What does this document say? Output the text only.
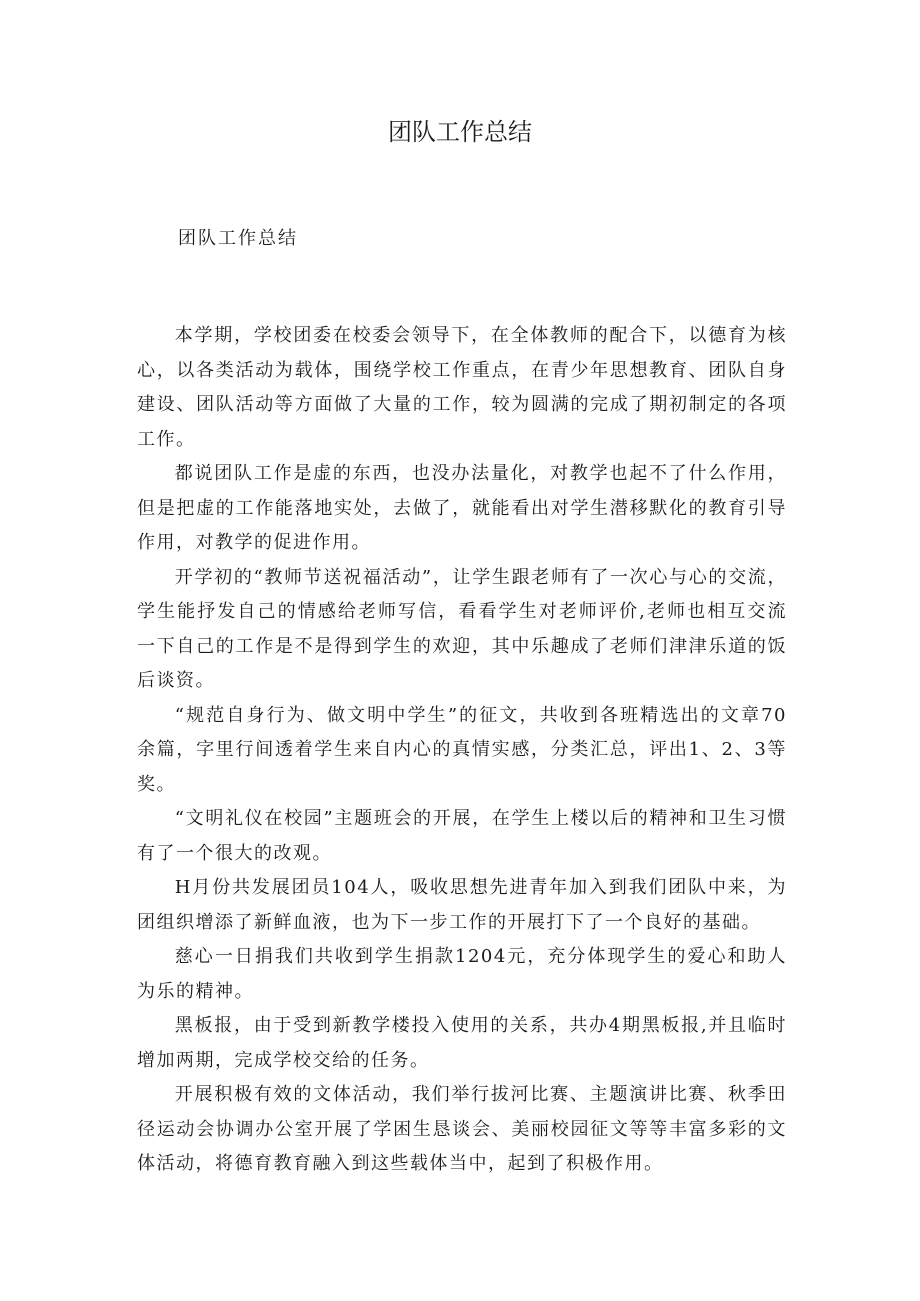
团队工作总结
团队工作总结

本学期，学校团委在校委会领导下，在全体教师的配合下，以德育为核心，以各类活动为载体，围绕学校工作重点，在青少年思想教育、团队自身建设、团队活动等方面做了大量的工作，较为圆满的完成了期初制定的各项工作。

都说团队工作是虚的东西，也没办法量化，对教学也起不了什么作用，但是把虚的工作能落地实处，去做了，就能看出对学生潜移默化的教育引导作用，对教学的促进作用。

开学初的“教师节送祝福活动”，让学生跟老师有了一次心与心的交流，学生能抒发自己的情感给老师写信，看看学生对老师评价,老师也相互交流一下自己的工作是不是得到学生的欢迎，其中乐趣成了老师们津津乐道的饭后谈资。

“规范自身行为、做文明中学生”的征文，共收到各班精选出的文章70余篇，字里行间透着学生来自内心的真情实感，分类汇总，评出1、2、3等奖。

“文明礼仪在校园”主题班会的开展，在学生上楼以后的精神和卫生习惯有了一个很大的改观。

H月份共发展团员104人，吸收思想先进青年加入到我们团队中来，为团组织增添了新鲜血液，也为下一步工作的开展打下了一个良好的基础。

慈心一日捐我们共收到学生捐款1204元，充分体现学生的爱心和助人为乐的精神。

黑板报，由于受到新教学楼投入使用的关系，共办4期黑板报,并且临时增加两期，完成学校交给的任务。

开展积极有效的文体活动，我们举行拔河比赛、主题演讲比赛、秋季田径运动会协调办公室开展了学困生恳谈会、美丽校园征文等等丰富多彩的文体活动，将德育教育融入到这些载体当中，起到了积极作用。
